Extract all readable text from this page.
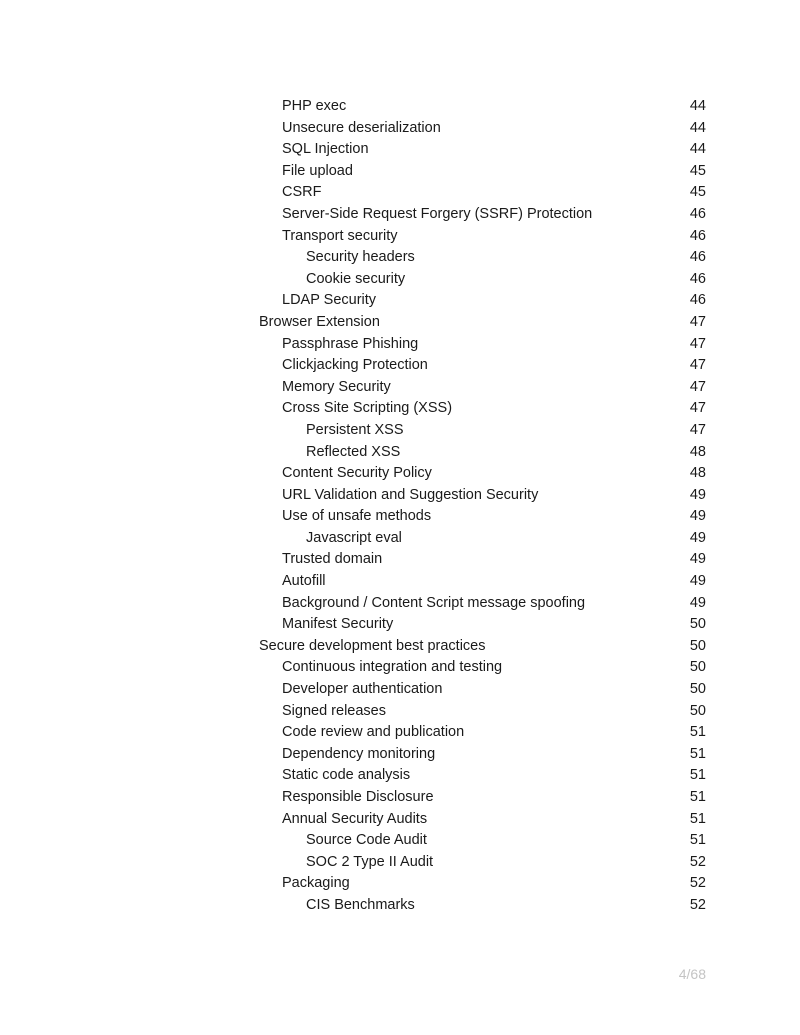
PHP exec	44
Unsecure deserialization	44
SQL Injection	44
File upload	45
CSRF	45
Server-Side Request Forgery (SSRF) Protection	46
Transport security	46
Security headers	46
Cookie security	46
LDAP Security	46
Browser Extension	47
Passphrase Phishing	47
Clickjacking Protection	47
Memory Security	47
Cross Site Scripting (XSS)	47
Persistent XSS	47
Reflected XSS	48
Content Security Policy	48
URL Validation and Suggestion Security	49
Use of unsafe methods	49
Javascript eval	49
Trusted domain	49
Autofill	49
Background / Content Script message spoofing	49
Manifest Security	50
Secure development best practices	50
Continuous integration and testing	50
Developer authentication	50
Signed releases	50
Code review and publication	51
Dependency monitoring	51
Static code analysis	51
Responsible Disclosure	51
Annual Security Audits	51
Source Code Audit	51
SOC 2 Type II Audit	52
Packaging	52
CIS Benchmarks	52
4/68
